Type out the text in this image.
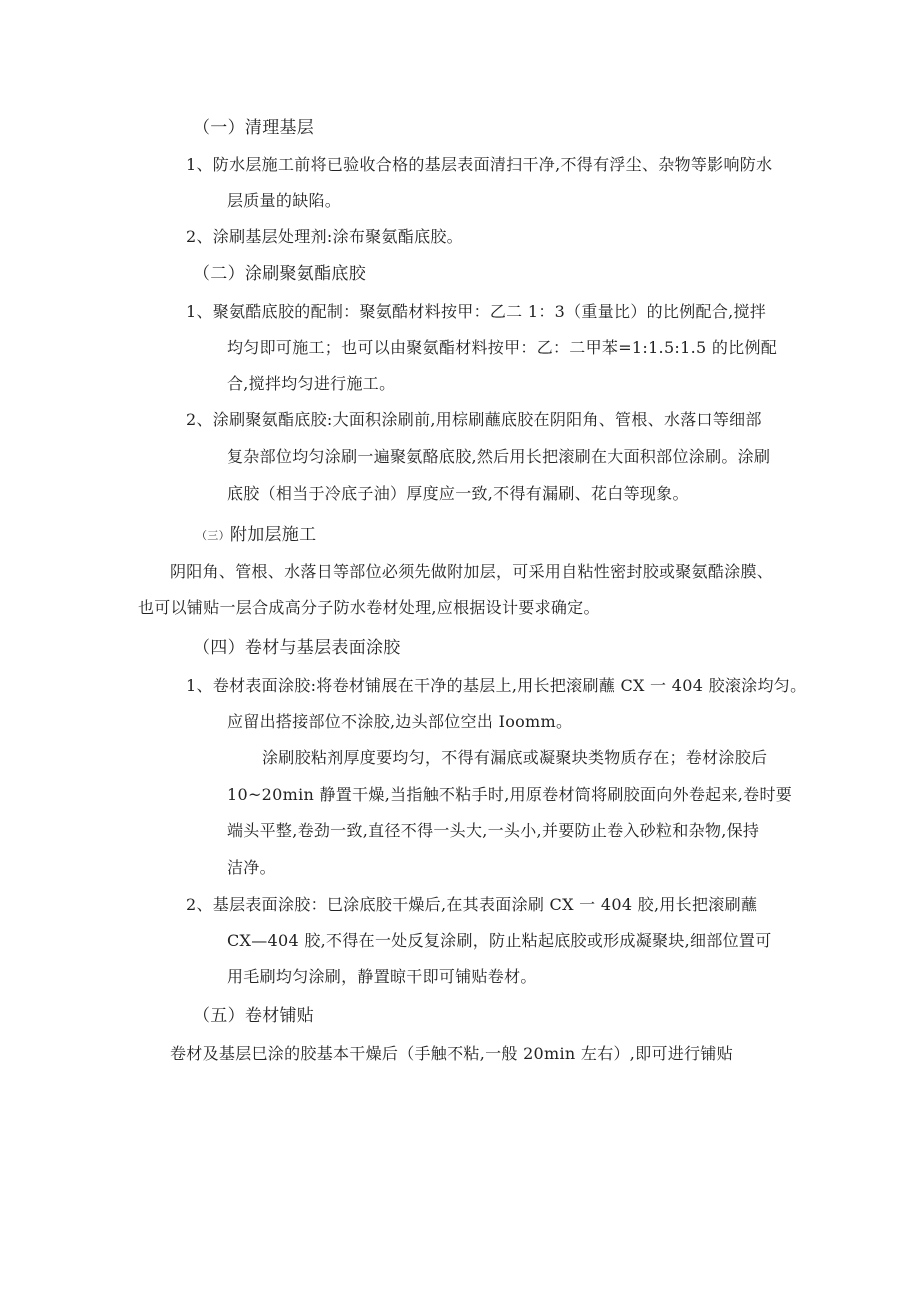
（一）清理基层
1、防水层施工前将已验收合格的基层表面清扫干净,不得有浮尘、杂物等影响防水
层质量的缺陷。
2、涂刷基层处理剂:涂布聚氨酯底胶。
（二）涂刷聚氨酯底胶
1、聚氨酷底胶的配制：聚氨酷材料按甲：乙二 1：3（重量比）的比例配合,搅拌
均匀即可施工；也可以由聚氨酯材料按甲：乙：二甲苯=1:1.5:1.5 的比例配
合,搅拌均匀进行施工。
2、涂刷聚氨酯底胶:大面积涂刷前,用棕刷蘸底胶在阴阳角、管根、水落口等细部
复杂部位均匀涂刷一遍聚氨酪底胶,然后用长把滚刷在大面积部位涂刷。涂刷
底胶（相当于冷底子油）厚度应一致,不得有漏刷、花白等现象。
（三）附加层施工
阴阳角、管根、水落日等部位必须先做附加层，可采用自粘性密封胶或聚氨酷涂膜、
也可以铺贴一层合成高分子防水卷材处理,应根据设计要求确定。
（四）卷材与基层表面涂胶
1、卷材表面涂胶:将卷材铺展在干净的基层上,用长把滚刷蘸 CX 一 404 胶滚涂均匀。
应留出搭接部位不涂胶,边头部位空出 Ioomm。
涂刷胶粘剂厚度要均匀，不得有漏底或凝聚块类物质存在；卷材涂胶后
10~20min 静置干燥,当指触不粘手时,用原卷材筒将刷胶面向外卷起来,卷时要
端头平整,卷劲一致,直径不得一头大,一头小,并要防止卷入砂粒和杂物,保持
洁净。
2、基层表面涂胶：巳涂底胶干燥后,在其表面涂刷 CX 一 404 胶,用长把滚刷蘸
CX—404 胶,不得在一处反复涂刷，防止粘起底胶或形成凝聚块,细部位置可
用毛刷均匀涂刷，静置晾干即可铺贴卷材。
（五）卷材铺贴
卷材及基层巳涂的胶基本干燥后（手触不粘,一般 20min 左右）,即可进行铺贴
